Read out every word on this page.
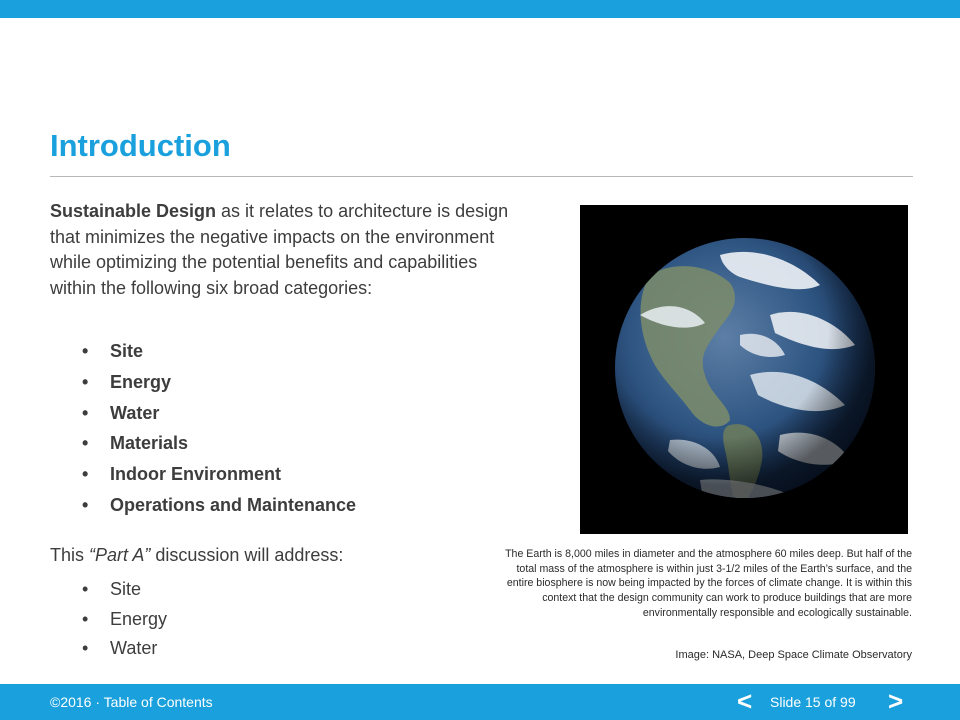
Introduction

Sustainable Design as it relates to architecture is design that minimizes the negative impacts on the environment while optimizing the potential benefits and capabilities within the following six broad categories:

• Site
• Energy
• Water
• Materials
• Indoor Environment
• Operations and Maintenance

This “Part A” discussion will address:

• Site
• Energy
• Water

The Earth is 8,000 miles in diameter and the atmosphere 60 miles deep. But half of the total mass of the atmosphere is within just 3-1/2 miles of the Earth’s surface, and the entire biosphere is now being impacted by the forces of climate change. It is within this context that the design community can work to produce buildings that are more environmentally responsible and ecologically sustainable.

Image: NASA, Deep Space Climate Observatory

©2016 · Table of Contents	< Slide 15 of 99 >
